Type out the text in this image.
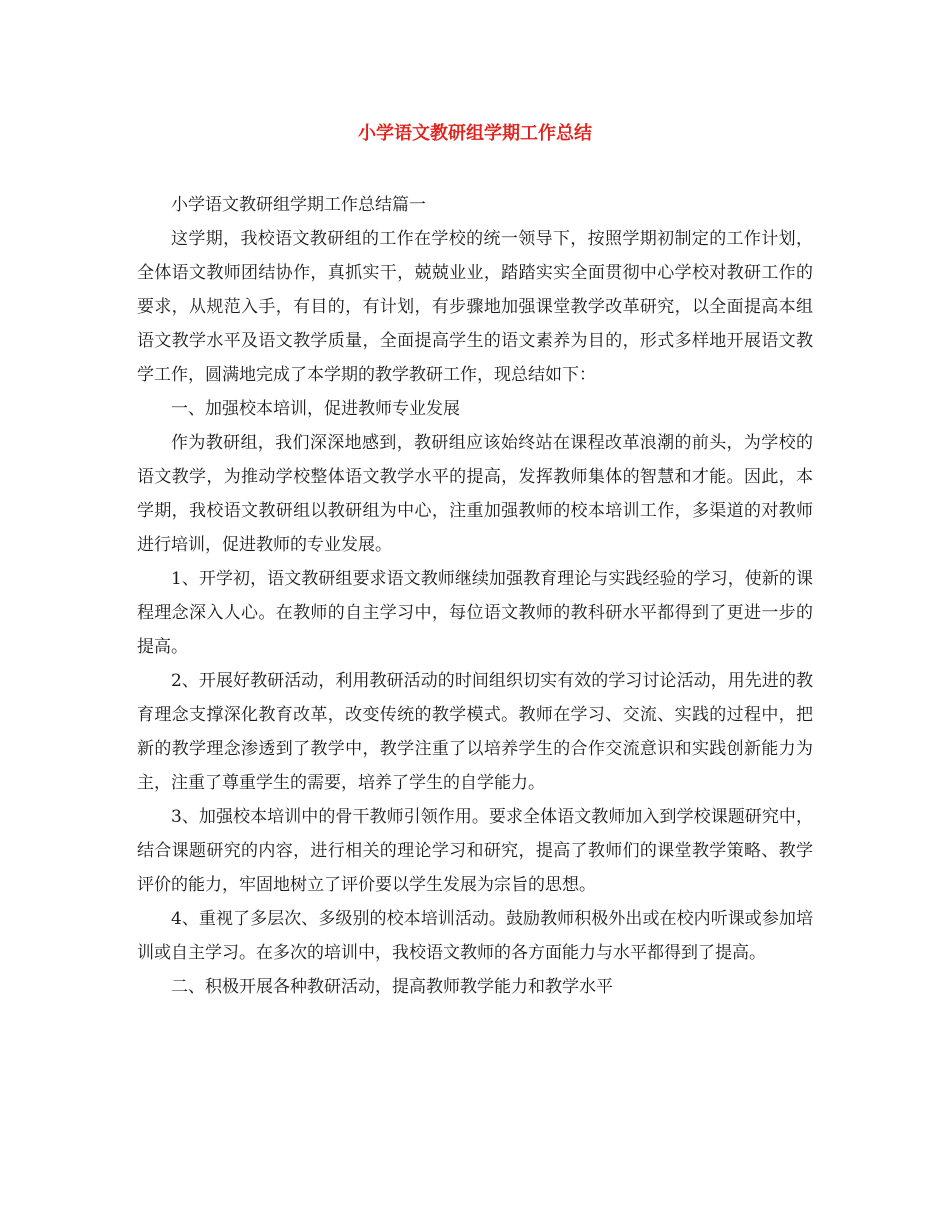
小学语文教研组学期工作总结

小学语文教研组学期工作总结篇一

这学期，我校语文教研组的工作在学校的统一领导下，按照学期初制定的工作计划，全体语文教师团结协作，真抓实干，兢兢业业，踏踏实实全面贯彻中心学校对教研工作的要求，从规范入手，有目的，有计划，有步骤地加强课堂教学改革研究，以全面提高本组语文教学水平及语文教学质量，全面提高学生的语文素养为目的，形式多样地开展语文教学工作，圆满地完成了本学期的教学教研工作，现总结如下：

一、加强校本培训，促进教师专业发展

作为教研组，我们深深地感到，教研组应该始终站在课程改革浪潮的前头，为学校的语文教学，为推动学校整体语文教学水平的提高，发挥教师集体的智慧和才能。因此，本学期，我校语文教研组以教研组为中心，注重加强教师的校本培训工作，多渠道的对教师进行培训，促进教师的专业发展。

1、开学初，语文教研组要求语文教师继续加强教育理论与实践经验的学习，使新的课程理念深入人心。在教师的自主学习中，每位语文教师的教科研水平都得到了更进一步的提高。

2、开展好教研活动，利用教研活动的时间组织切实有效的学习讨论活动，用先进的教育理念支撑深化教育改革，改变传统的教学模式。教师在学习、交流、实践的过程中，把新的教学理念渗透到了教学中，教学注重了以培养学生的合作交流意识和实践创新能力为主，注重了尊重学生的需要，培养了学生的自学能力。

3、加强校本培训中的骨干教师引领作用。要求全体语文教师加入到学校课题研究中，结合课题研究的内容，进行相关的理论学习和研究，提高了教师们的课堂教学策略、教学评价的能力，牢固地树立了评价要以学生发展为宗旨的思想。

4、重视了多层次、多级别的校本培训活动。鼓励教师积极外出或在校内听课或参加培训或自主学习。在多次的培训中，我校语文教师的各方面能力与水平都得到了提高。

二、积极开展各种教研活动，提高教师教学能力和教学水平
